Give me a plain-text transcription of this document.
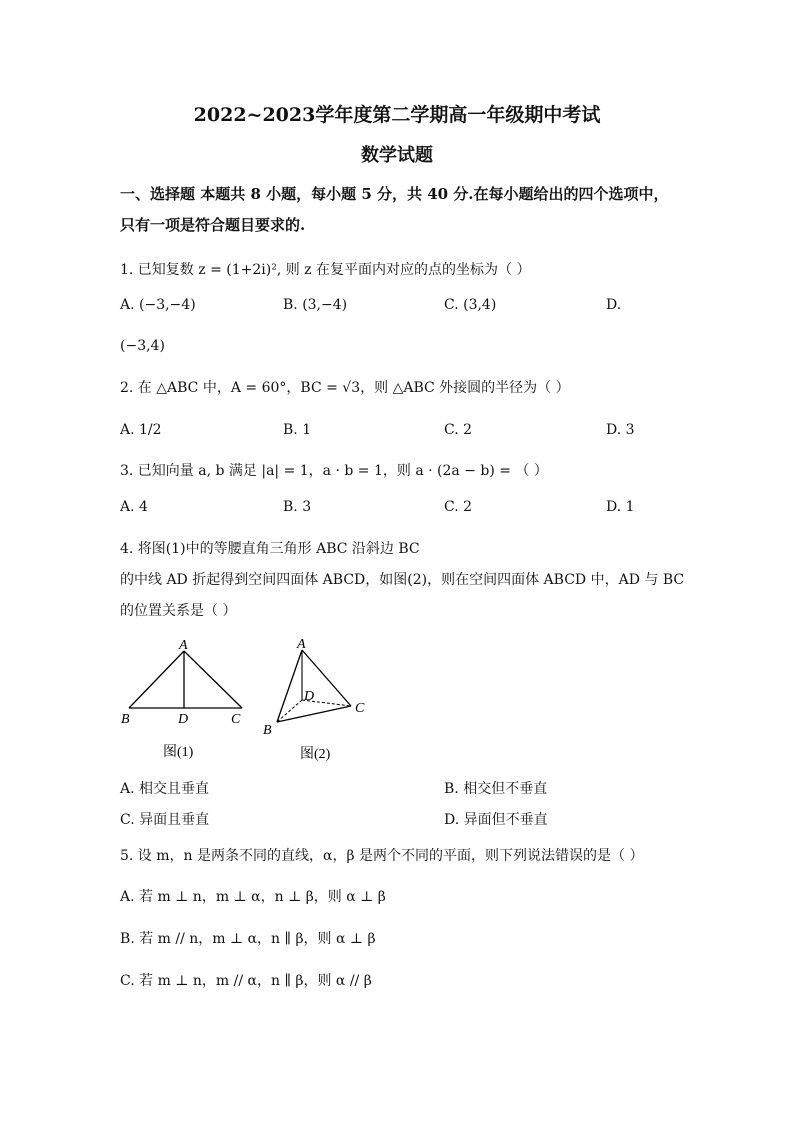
2022~2023学年度第二学期高一年级期中考试
数学试题
一、选择题 本题共 8 小题，每小题 5 分，共 40 分.在每小题给出的四个选项中，
只有一项是符合题目要求的.
1. 已知复数 z = (1+2i)², 则 z 在复平面内对应的点的坐标为（ ）
A. (−3,−4)	B. (3,−4)	C. (3,4)	D.
(−3,4)
2. 在 △ABC 中，A = 60°，BC = √3，则 △ABC 外接圆的半径为（ ）
A. 1/2	B. 1	C. 2	D. 3
3. 已知向量 a, b 满足 |a| = 1，a · b = 1，则 a · (2a − b) = （ ）
A. 4	B. 3	C. 2	D. 1
4. 将图(1)中的等腰直角三角形 ABC 沿斜边 BC
的中线 AD 折起得到空间四面体 ABCD，如图(2)，则在空间四面体 ABCD 中，AD 与 BC
的位置关系是（ ）
A
B	D	C
图(1)
A
D
C
B
图(2)
A. 相交且垂直	B. 相交但不垂直
C. 异面且垂直	D. 异面但不垂直
5. 设 m，n 是两条不同的直线，α，β 是两个不同的平面，则下列说法错误的是（ ）
A. 若 m ⊥ n，m ⊥ α，n ⊥ β，则 α ⊥ β
B. 若 m // n，m ⊥ α，n ∥ β，则 α ⊥ β
C. 若 m ⊥ n，m // α，n ∥ β，则 α // β
